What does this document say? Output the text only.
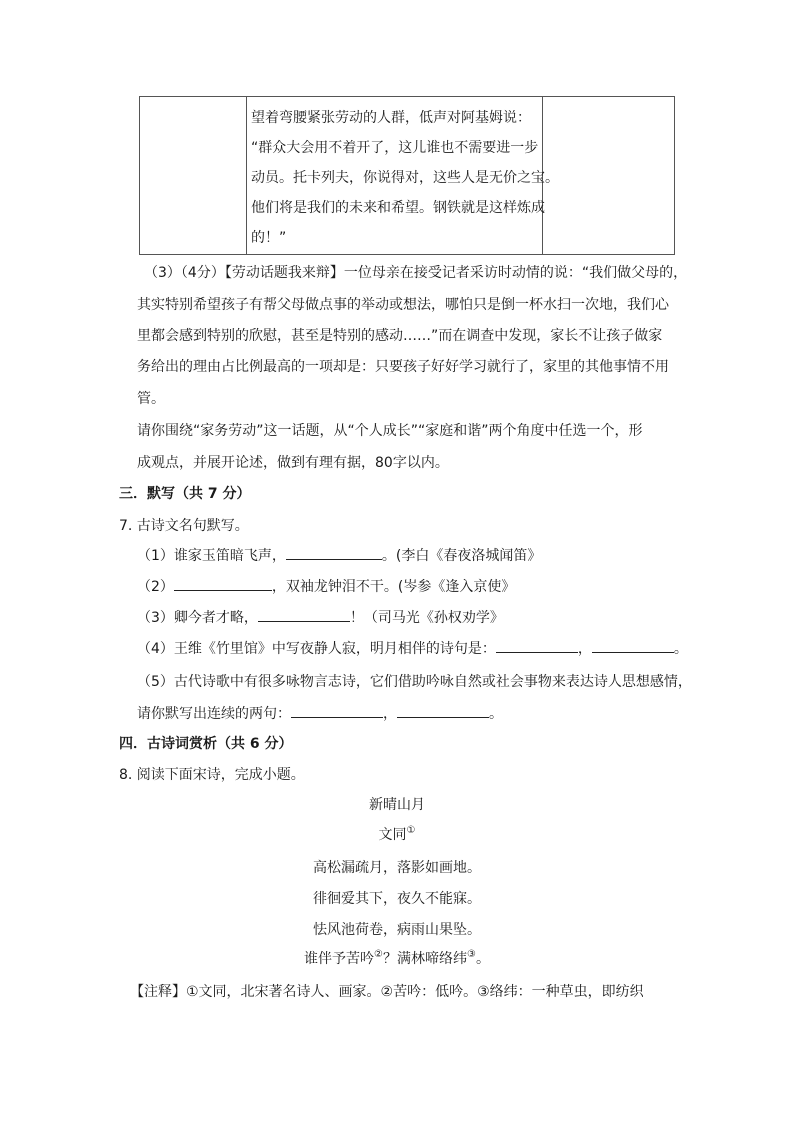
望着弯腰紧张劳动的人群，低声对阿基姆说：
“群众大会用不着开了，这儿谁也不需要进一步
动员。托卡列夫，你说得对，这些人是无价之宝。
他们将是我们的未来和希望。钢铁就是这样炼成
的！”

（3）（4分）【劳动话题我来辩】一位母亲在接受记者采访时动情的说：“我们做父母的，
其实特别希望孩子有帮父母做点事的举动或想法，哪怕只是倒一杯水扫一次地，我们心
里都会感到特别的欣慰，甚至是特别的感动……”而在调查中发现，家长不让孩子做家
务给出的理由占比例最高的一项却是：只要孩子好好学习就行了，家里的其他事情不用
管。
请你围绕“家务劳动”这一话题，从“个人成长”“家庭和谐”两个角度中任选一个，形
成观点，并展开论述，做到有理有据，80字以内。
三．默写（共 7 分）
7. 古诗文名句默写。
（1）谁家玉笛暗飞声，	。(李白《春夜洛城闻笛》
（2）	，双袖龙钟泪不干。(岑参《逢入京使》
（3）卿今者才略，	！（司马光《孙权劝学》
（4）王维《竹里馆》中写夜静人寂，明月相伴的诗句是：	，	。
（5）古代诗歌中有很多咏物言志诗，它们借助吟咏自然或社会事物来表达诗人思想感情，
请你默写出连续的两句：	，	。
四．古诗词赏析（共 6 分）
8. 阅读下面宋诗，完成小题。
新晴山月
文同①
高松漏疏月，落影如画地。
徘徊爱其下，夜久不能寐。
怯风池荷卷，病雨山果坠。
谁伴予苦吟②？满林啼络纬③。
【注释】①文同，北宋著名诗人、画家。②苦吟：低吟。③络纬：一种草虫，即纺织
